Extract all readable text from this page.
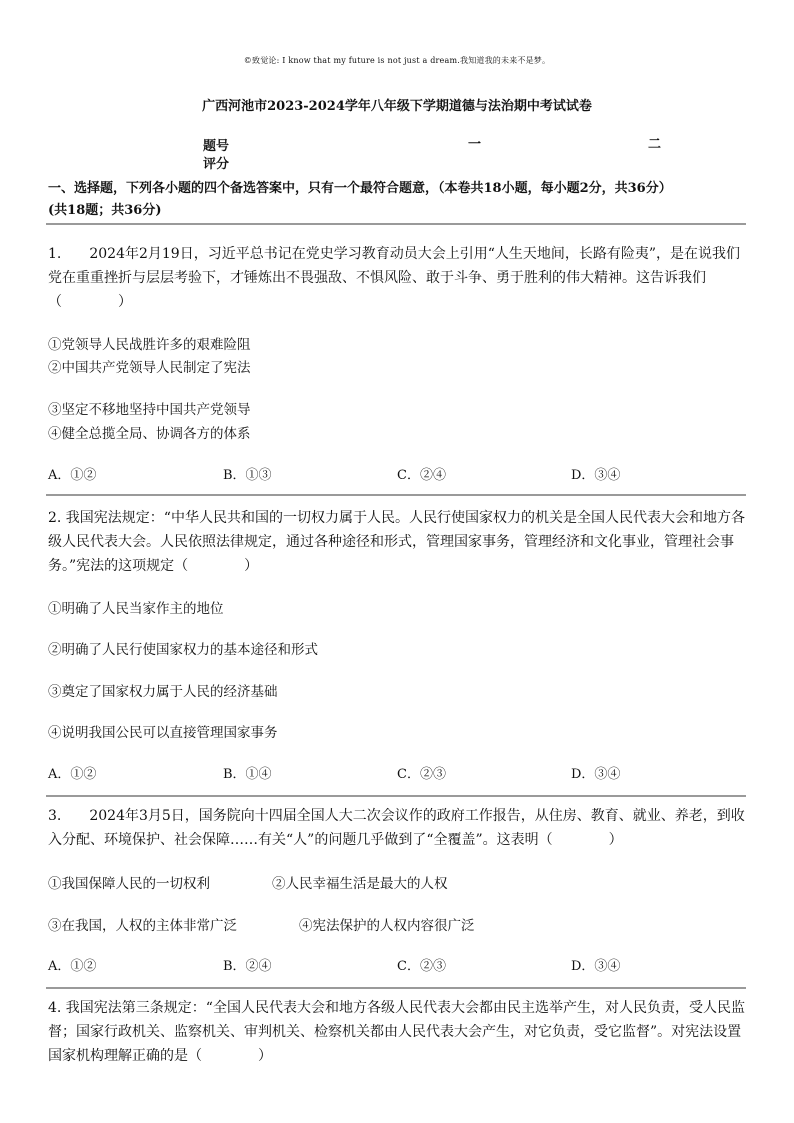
©致觉论: I know that my future is not just a dream.我知道我的未来不是梦。
广西河池市2023-2024学年八年级下学期道德与法治期中考试试卷
题号	一	二
评分
一、选择题，下列各小题的四个备选答案中，只有一个最符合题意，（本卷共18小题，每小题2分，共36分）
(共18题；共36分)
1.　　2024年2月19日，习近平总书记在党史学习教育动员大会上引用“人生天地间，长路有险夷”，是在说我们党在重重挫折与层层考验下，才锤炼出不畏强敌、不惧风险、敢于斗争、勇于胜利的伟大精神。这告诉我们（　　　　）
①党领导人民战胜许多的艰难险阻
②中国共产党领导人民制定了宪法
③坚定不移地坚持中国共产党领导
④健全总揽全局、协调各方的体系
A．①②	B．①③	C．②④	D．③④
2. 我国宪法规定：“中华人民共和国的一切权力属于人民。人民行使国家权力的机关是全国人民代表大会和地方各级人民代表大会。人民依照法律规定，通过各种途径和形式，管理国家事务，管理经济和文化事业，管理社会事务。”宪法的这项规定（　　　　）
①明确了人民当家作主的地位
②明确了人民行使国家权力的基本途径和形式
③奠定了国家权力属于人民的经济基础
④说明我国公民可以直接管理国家事务
A．①②	B．①④	C．②③	D．③④
3.　　2024年3月5日，国务院向十四届全国人大二次会议作的政府工作报告，从住房、教育、就业、养老，到收入分配、环境保护、社会保障……有关“人”的问题几乎做到了“全覆盖”。这表明（　　　　）
①我国保障人民的一切权利	②人民幸福生活是最大的人权
③在我国，人权的主体非常广泛	④宪法保护的人权内容很广泛
A．①②	B．②④	C．②③	D．③④
4. 我国宪法第三条规定：“全国人民代表大会和地方各级人民代表大会都由民主选举产生，对人民负责，受人民监督；国家行政机关、监察机关、审判机关、检察机关都由人民代表大会产生，对它负责，受它监督”。对宪法设置国家机构理解正确的是（　　　　）
